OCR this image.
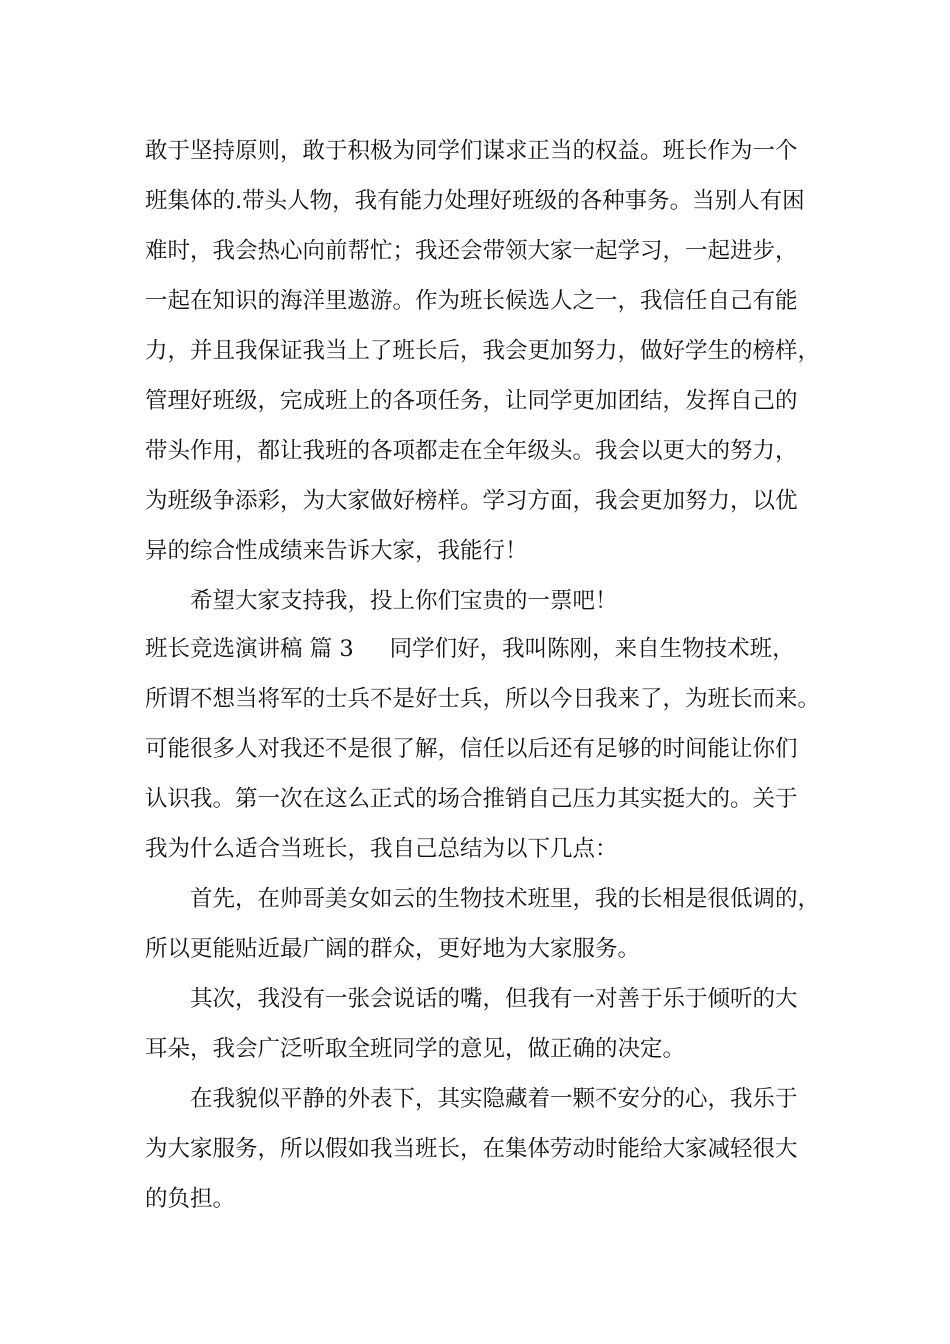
敢于坚持原则，敢于积极为同学们谋求正当的权益。班长作为一个

班集体的.带头人物，我有能力处理好班级的各种事务。当别人有困

难时，我会热心向前帮忙；我还会带领大家一起学习，一起进步，

一起在知识的海洋里遨游。作为班长候选人之一，我信任自己有能

力，并且我保证我当上了班长后，我会更加努力，做好学生的榜样，

管理好班级，完成班上的各项任务，让同学更加团结，发挥自己的

带头作用，都让我班的各项都走在全年级头。我会以更大的努力，

为班级争添彩，为大家做好榜样。学习方面，我会更加努力，以优

异的综合性成绩来告诉大家，我能行！

希望大家支持我，投上你们宝贵的一票吧！

班长竞选演讲稿 篇 3 同学们好，我叫陈刚，来自生物技术班，

所谓不想当将军的士兵不是好士兵，所以今日我来了，为班长而来。

可能很多人对我还不是很了解，信任以后还有足够的时间能让你们

认识我。第一次在这么正式的场合推销自己压力其实挺大的。关于

我为什么适合当班长，我自己总结为以下几点：

首先，在帅哥美女如云的生物技术班里，我的长相是很低调的，

所以更能贴近最广阔的群众，更好地为大家服务。

其次，我没有一张会说话的嘴，但我有一对善于乐于倾听的大

耳朵，我会广泛听取全班同学的意见，做正确的决定。

在我貌似平静的外表下，其实隐藏着一颗不安分的心，我乐于

为大家服务，所以假如我当班长，在集体劳动时能给大家减轻很大

的负担。
